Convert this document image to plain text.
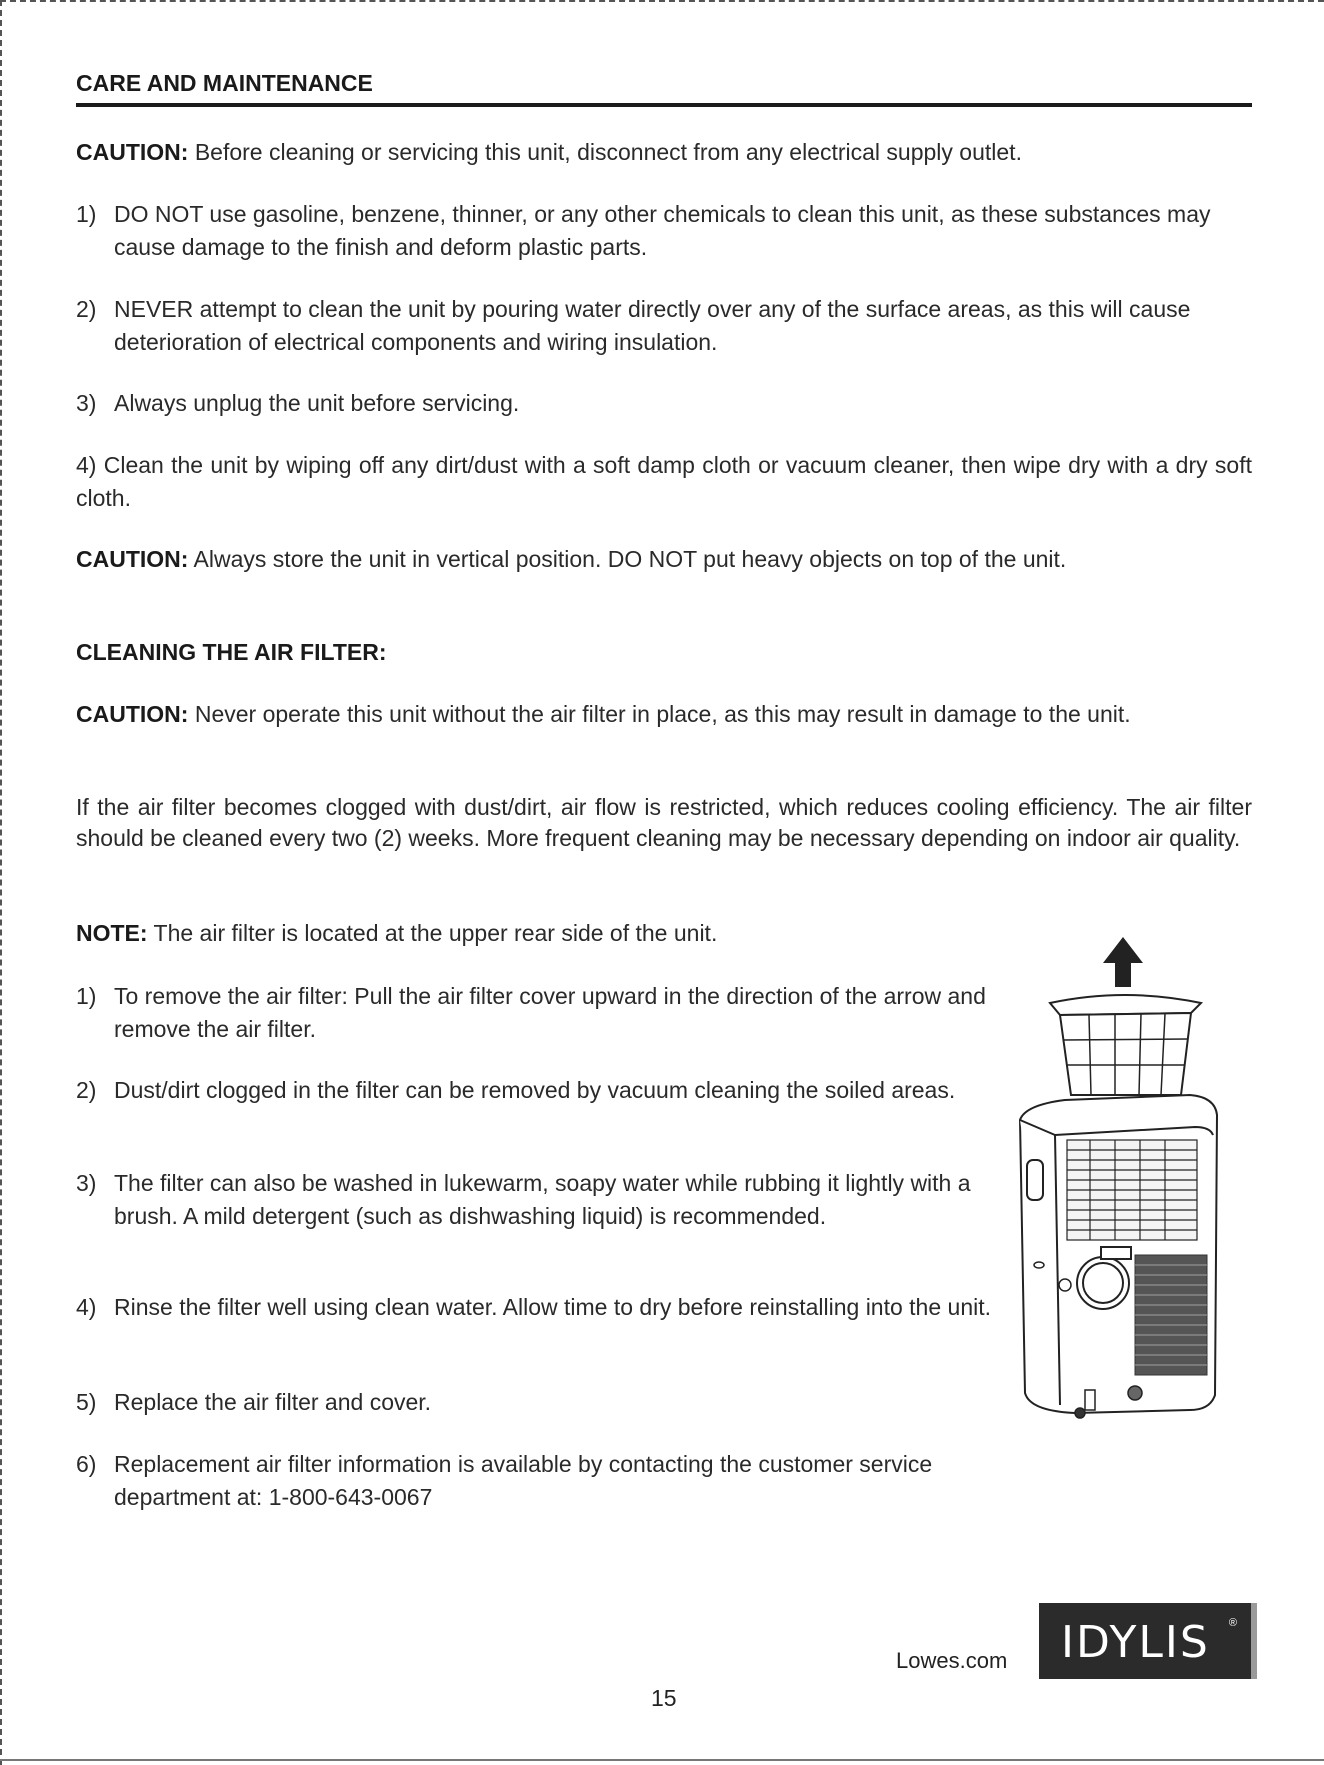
CARE AND MAINTENANCE
CAUTION: Before cleaning or servicing this unit, disconnect from any electrical supply outlet.
1) DO NOT use gasoline, benzene, thinner, or any other chemicals to clean this unit, as these substances may cause damage to the finish and deform plastic parts.
2) NEVER attempt to clean the unit by pouring water directly over any of the surface areas, as this will cause deterioration of electrical components and wiring insulation.
3) Always unplug the unit before servicing.
4) Clean the unit by wiping off any dirt/dust with a soft damp cloth or vacuum cleaner, then wipe dry with a dry soft cloth.
CAUTION: Always store the unit in vertical position. DO NOT put heavy objects on top of the unit.
CLEANING THE AIR FILTER:
CAUTION: Never operate this unit without the air filter in place, as this may result in damage to the unit.
If the air filter becomes clogged with dust/dirt, air flow is restricted, which reduces cooling efficiency. The air filter should be cleaned every two (2) weeks. More frequent cleaning may be necessary depending on indoor air quality.
NOTE: The air filter is located at the upper rear side of the unit.
1) To remove the air filter: Pull the air filter cover upward in the direction of the arrow and remove the air filter.
2) Dust/dirt clogged in the filter can be removed by vacuum cleaning the soiled areas.
3) The filter can also be washed in lukewarm, soapy water while rubbing it lightly with a brush. A mild detergent (such as dishwashing liquid) is recommended.
4) Rinse the filter well using clean water. Allow time to dry before reinstalling into the unit.
5) Replace the air filter and cover.
6) Replacement air filter information is available by contacting the customer service department at: 1-800-643-0067
Lowes.com IDYLIS ®
15
